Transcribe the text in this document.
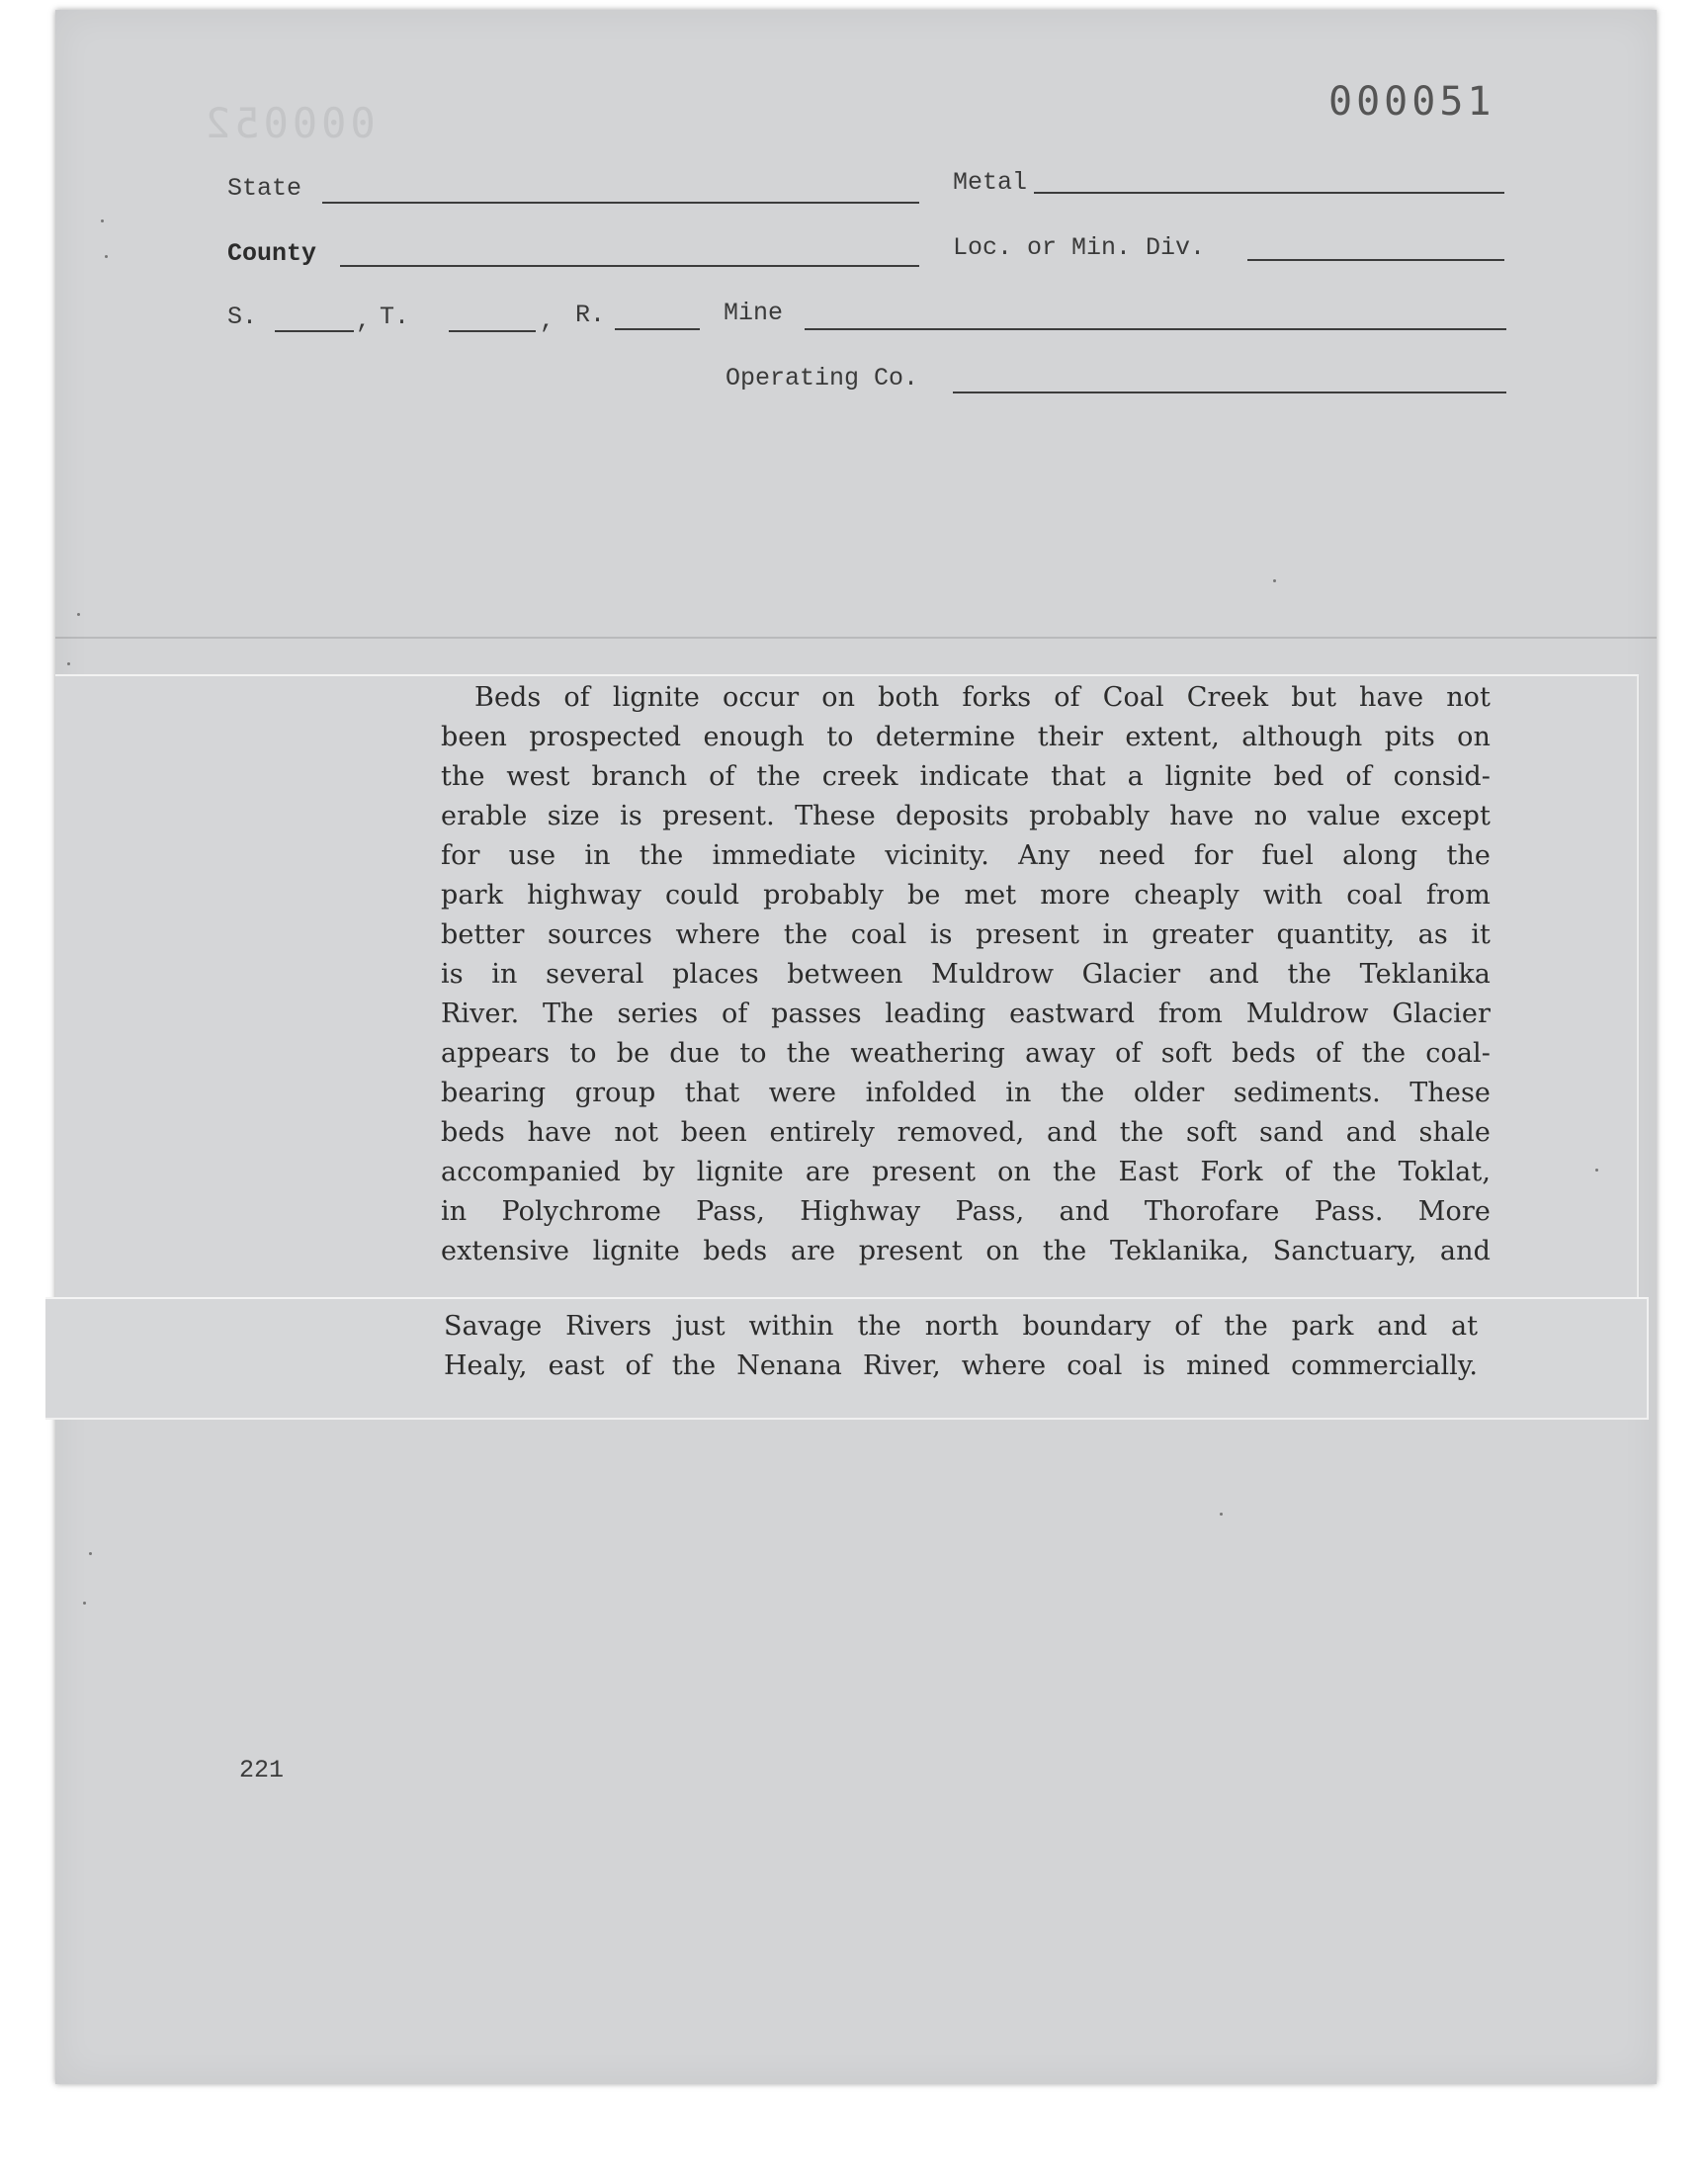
000052	000051
State	Metal
County	Loc. or Min. Div.
S.	, T.	, R.	Mine
Operating Co.
Beds of lignite occur on both forks of Coal Creek but have not
been prospected enough to determine their extent, although pits on
the west branch of the creek indicate that a lignite bed of consid-
erable size is present. These deposits probably have no value except
for use in the immediate vicinity. Any need for fuel along the
park highway could probably be met more cheaply with coal from
better sources where the coal is present in greater quantity, as it
is in several places between Muldrow Glacier and the Teklanika
River. The series of passes leading eastward from Muldrow Glacier
appears to be due to the weathering away of soft beds of the coal-
bearing group that were infolded in the older sediments. These
beds have not been entirely removed, and the soft sand and shale
accompanied by lignite are present on the East Fork of the Toklat,
in Polychrome Pass, Highway Pass, and Thorofare Pass. More
extensive lignite beds are present on the Teklanika, Sanctuary, and
Savage Rivers just within the north boundary of the park and at
Healy, east of the Nenana River, where coal is mined commercially.
221
